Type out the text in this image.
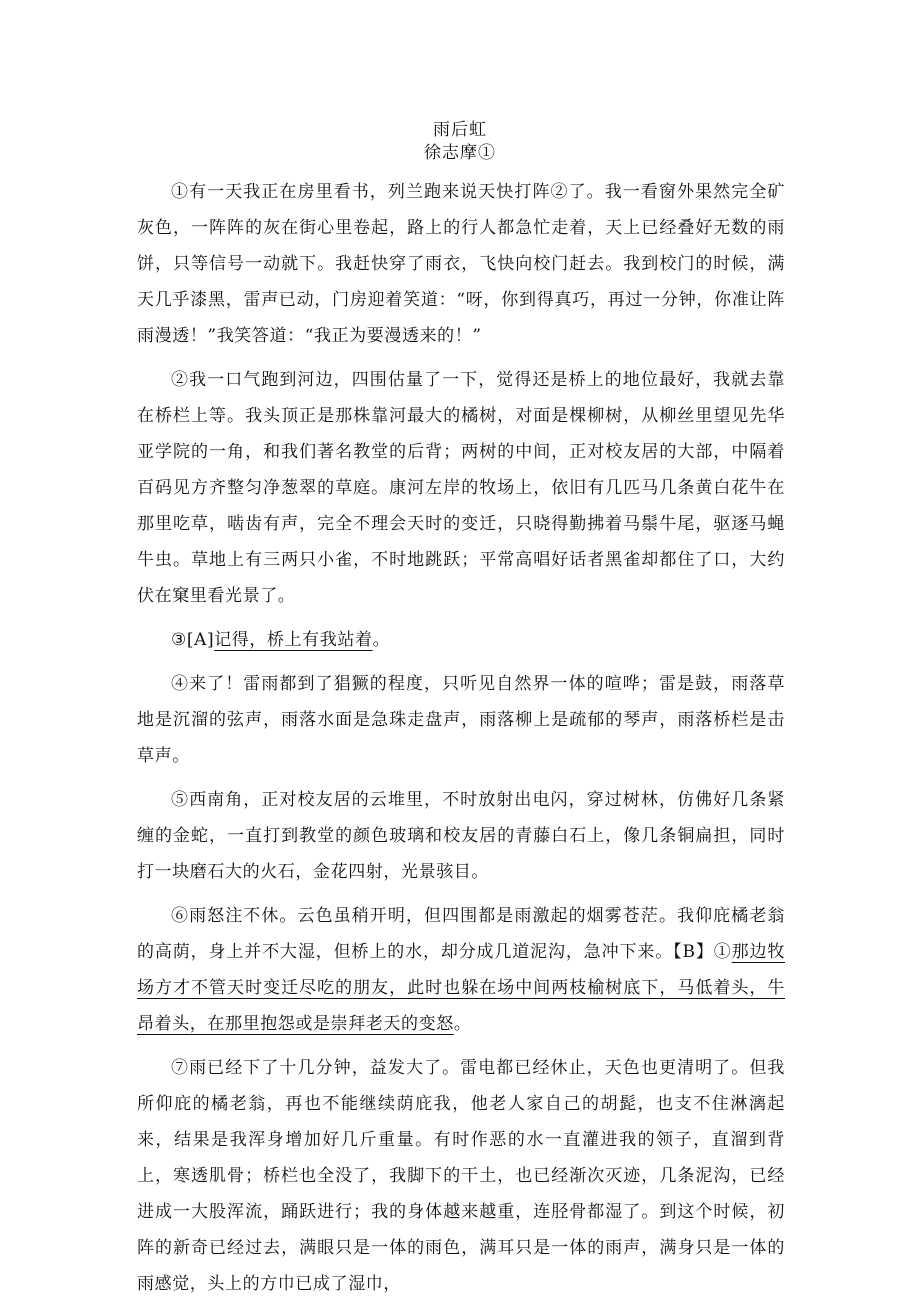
雨后虹
徐志摩①

①有一天我正在房里看书，列兰跑来说天快打阵②了。我一看窗外果然完全矿灰色，一阵阵的灰在街心里卷起，路上的行人都急忙走着，天上已经叠好无数的雨饼，只等信号一动就下。我赶快穿了雨衣，飞快向校门赶去。我到校门的时候，满天几乎漆黑，雷声已动，门房迎着笑道：“呀，你到得真巧，再过一分钟，你准让阵雨漫透！”我笑答道：“我正为要漫透来的！”

②我一口气跑到河边，四围估量了一下，觉得还是桥上的地位最好，我就去靠在桥栏上等。我头顶正是那株靠河最大的橘树，对面是棵柳树，从柳丝里望见先华亚学院的一角，和我们著名教堂的后背；两树的中间，正对校友居的大部，中隔着百码见方齐整匀净葱翠的草庭。康河左岸的牧场上，依旧有几匹马几条黄白花牛在那里吃草，啮齿有声，完全不理会天时的变迁，只晓得勤拂着马鬃牛尾，驱逐马蝇牛虫。草地上有三两只小雀，不时地跳跃；平常高唱好话者黑雀却都住了口，大约伏在窠里看光景了。

③[A]记得，桥上有我站着。

④来了！雷雨都到了猖獗的程度，只听见自然界一体的喧哗；雷是鼓，雨落草地是沉溜的弦声，雨落水面是急珠走盘声，雨落柳上是疏郁的琴声，雨落桥栏是击草声。

⑤西南角，正对校友居的云堆里，不时放射出电闪，穿过树林，仿佛好几条紧缠的金蛇，一直打到教堂的颜色玻璃和校友居的青藤白石上，像几条铜扁担，同时打一块磨石大的火石，金花四射，光景骇目。

⑥雨怒注不休。云色虽稍开明，但四围都是雨激起的烟雾苍茫。我仰庇橘老翁的高荫，身上并不大湿，但桥上的水，却分成几道泥沟，急冲下来。【B】①那边牧场方才不管天时变迁尽吃的朋友，此时也躲在场中间两枝榆树底下，马低着头，牛昂着头，在那里抱怨或是崇拜老天的变怒。

⑦雨已经下了十几分钟，益发大了。雷电都已经休止，天色也更清明了。但我所仰庇的橘老翁，再也不能继续荫庇我，他老人家自己的胡髭，也支不住淋漓起来，结果是我浑身增加好几斤重量。有时作恶的水一直灌进我的领子，直溜到背上，寒透肌骨；桥栏也全没了，我脚下的干土，也已经渐次灭迹，几条泥沟，已经进成一大股浑流，踊跃进行；我的身体越来越重，连胫骨都湿了。到这个时候，初阵的新奇已经过去，满眼只是一体的雨色，满耳只是一体的雨声，满身只是一体的雨感觉，头上的方巾已成了湿巾，
